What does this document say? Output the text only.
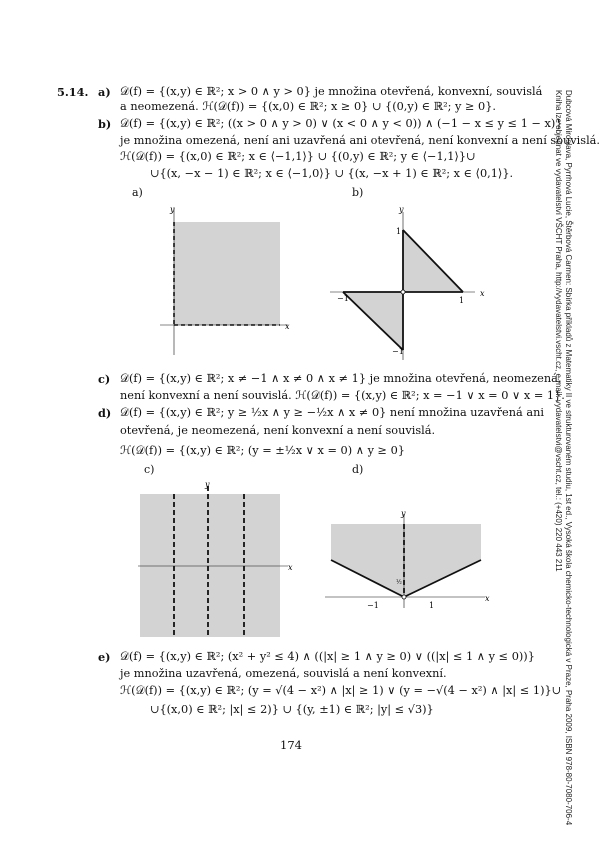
5.14. a) 𝒟(f) = {(x,y) ∈ ℝ²; x > 0 ∧ y > 0} je množina otevřená, konvexní, souvislá
a neomezená. ℋ(𝒟(f)) = {(x,0) ∈ ℝ²; x ≥ 0} ∪ {(0,y) ∈ ℝ²; y ≥ 0}.
b) 𝒟(f) = {(x,y) ∈ ℝ²; ((x > 0 ∧ y > 0) ∨ (x < 0 ∧ y < 0)) ∧ (−1 − x ≤ y ≤ 1 − x)}
je množina omezená, není ani uzavřená ani otevřená, není konvexní a není souvislá.
ℋ(𝒟(f)) = {(x,0) ∈ ℝ²; x ∈ ⟨−1,1⟩} ∪ {(0,y) ∈ ℝ²; y ∈ ⟨−1,1⟩}∪
∪{(x, −x − 1) ∈ ℝ²; x ∈ ⟨−1,0⟩} ∪ {(x, −x + 1) ∈ ℝ²; x ∈ ⟨0,1⟩}.
a)
x
y
b)
x
y
1
−1
1
−1
c) 𝒟(f) = {(x,y) ∈ ℝ²; x ≠ −1 ∧ x ≠ 0 ∧ x ≠ 1} je množina otevřená, neomezená,
není konvexní a není souvislá. ℋ(𝒟(f)) = {(x,y) ∈ ℝ²; x = −1 ∨ x = 0 ∨ x = 1}.
d) 𝒟(f) = {(x,y) ∈ ℝ²; y ≥ ½x ∧ y ≥ −½x ∧ x ≠ 0} není množina uzavřená ani
otevřená, je neomezená, není konvexní a není souvislá.
ℋ(𝒟(f)) = {(x,y) ∈ ℝ²; (y = ±½x ∨ x = 0) ∧ y ≥ 0}
c)
x
y
d)
x
y
−1	1
½
e) 𝒟(f) = {(x,y) ∈ ℝ²; (x² + y² ≤ 4) ∧ ((|x| ≥ 1 ∧ y ≥ 0) ∨ ((|x| ≤ 1 ∧ y ≤ 0))}
je množina uzavřená, omezená, souvislá a není konvexní.
ℋ(𝒟(f)) = {(x,y) ∈ ℝ²; (y = √(4 − x²) ∧ |x| ≥ 1) ∨ (y = −√(4 − x²) ∧ |x| ≤ 1)}∪
∪{(x,0) ∈ ℝ²; |x| ≤ 2)} ∪ {(y, ±1) ∈ ℝ²; |y| ≤ √3)}
174	Dubcová Miroslava, Pyrrhová Lucie, Štěrbová Carmen: Sbírka příkladů z Matematiky II ve strukturovaném studiu, 1st ed., Vysoká škola chemicko-technologická v Praze, Praha 2009, ISBN 978-80-7080-706-4
Kniha lze objednat ve vydavatelství VŠCHT Praha, http://vydavatelstvi.vscht.cz, e-mail: vydavatelstvi@vscht.cz, tel.: (+420) 220 443 211
